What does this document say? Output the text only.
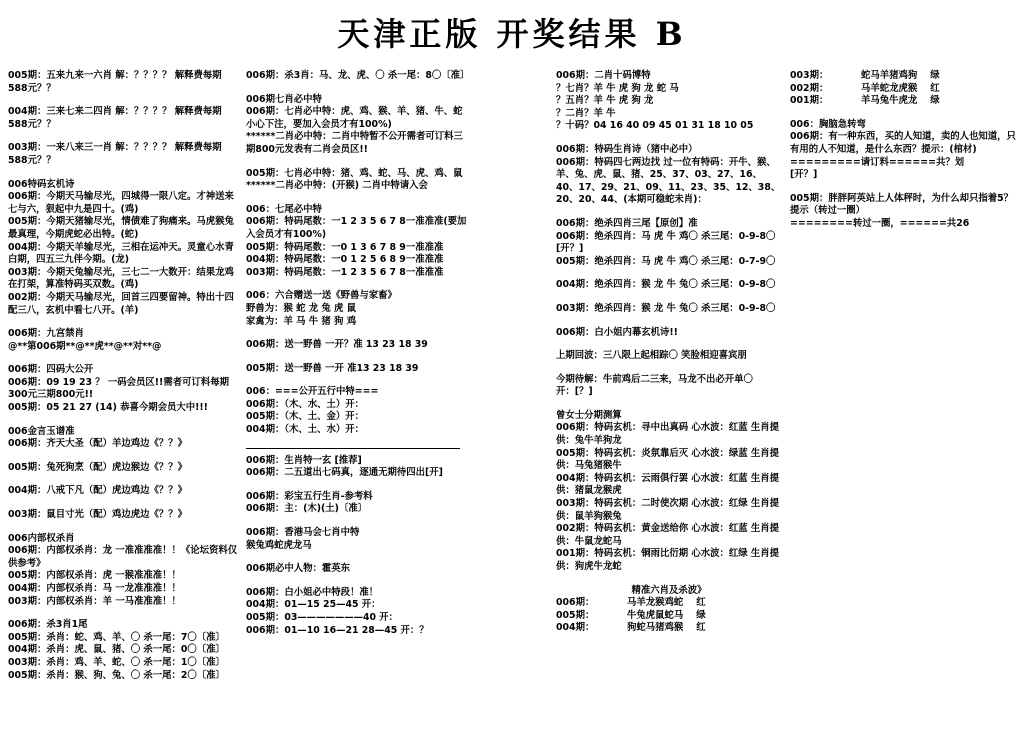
天津正版 开奖结果 B
005期：五来九来一六肖 解：？？？？ 解释费每期
588元？？
004期：三来七来二四肖 解：？？？？ 解释费每期
588元？？
003期：一来八来三一肖 解：？？？？ 解释费每期
588元？？
006特码玄机诗
006期：今期天马输尽光，四城得一限八定。才神送来七与六，狠起中九是四十。(鸡)
005期：今期天猪输尽光，情债难了狗痛来。马虎猴兔最真理，今期虎蛇必出特。(蛇)
004期：今期天羊输尽光，三相在运冲天。灵童心水青白期，四五三九伴今期。(龙)
003期：今期天兔输尽光，三七二一大数开：结果龙鸡在打架，算准特码买双数。(鸡)
002期：今期天马输尽光，回首三四要留神。特出十四配三八，玄机中看七八开。(羊)
006期：九宫禁肖
@**第006期**@**虎**@**对**@
006期：四码大公开
006期：09 19 23 ？ 一码会员区!!需者可订料每期300元三期800元!!
005期：05 21 27 (14) 恭喜今期会员大中!!!
006金言玉谱准
006期：齐天大圣（配）羊边鸡边《？？》
005期：兔死狗烹（配）虎边猴边《？？》
004期：八戒下凡（配）虎边鸡边《？？》
003期：鼠目寸光（配）鸡边虎边《？？》
006内部权杀肖
006期：内部权杀肖：龙 一准准准准！！《论坛资料仅供参考》
005期：内部权杀肖：虎 一猴准准准！！
004期：内部权杀肖：马 一龙准准准！！
003期：内部权杀肖：羊 一马准准准！！
006期：杀3肖1尾
005期：杀肖：蛇、鸡、羊、〇 杀一尾：7〇〔准〕
004期：杀肖：虎、鼠、猪、〇 杀一尾：0〇〔准〕
003期：杀肖：鸡、羊、蛇、〇 杀一尾：1〇〔准〕
005期：杀肖：猴、狗、兔、〇 杀一尾：2〇〔准〕
006期：杀3肖：马、龙、虎、〇 杀一尾：8〇〔准〕
006期七肖必中特
006期：七肖必中特：虎、鸡、猴、羊、猪、牛、蛇小心下注，要加入会员才有100%)
******二肖必中特：二肖中特暂不公开需者可订料三期800元发表有二肖会员区!!
005期：七肖必中特：猪、鸡、蛇、马、虎、鸡、鼠******二肖必中特：(开猴) 二肖中特请入会
006：七尾必中特
006期：特码尾数：一1 2 3 5 6 7 8一准准准(要加入会员才有100%)
005期：特码尾数：一0 1 3 6 7 8 9一准准准
004期：特码尾数：一0 1 2 5 6 8 9一准准准
003期：特码尾数：一1 2 3 5 6 7 8一准准准
006：六合赠送一送《野兽与家畜》
野兽为：猴 蛇 龙 兔 虎 鼠
家禽为：羊 马 牛 猪 狗 鸡
006期：送一野兽 一开？准 13 23 18 39
005期：送一野兽 一开 准13 23 18 39
006：===公开五行中特===
006期：（木、水、土）开：
005期：（木、土、金）开：
004期：（木、土、水）开：
006期：生肖特一玄 [推荐]
006期：二五道出七码真，逐通无期待四出[开]
006期：彩宝五行生肖-参考料
006期：主：(木)(土)〔准〕
006期：香港马会七肖中特
猴兔鸡蛇虎龙马
006期必中人物：霍英东
006期：白小姐必中特段！准！
004期：01—15 25—45 开：
005期：03———————40 开：
006期：01—10 16—21 28—45 开：？
006期：二肖十码博特
？七肖？羊 牛 虎 狗 龙 蛇 马
？五肖？羊 牛 虎 狗 龙
？二肖？羊 牛
？十码？04 16 40 09 45 01 31 18 10 05
006期：特码生肖诗（猪中必中）
006期：特码四七两边找 过一位有特码：开牛、猴、羊、兔、虎、鼠、猪、25、37、03、27、16、40、17、29、21、09、11、23、35、12、38、20、20、44、(本期可稳蛇未肖)：
006期：绝杀四肖三尾【原创】准
006期：绝杀四肖：马 虎 牛 鸡〇 杀三尾：0-9-8〇
[开？]
005期：绝杀四肖：马 虎 牛 鸡〇 杀三尾：0-7-9〇
004期：绝杀四肖：猴 龙 牛 兔〇 杀三尾：0-9-8〇
003期：绝杀四肖：猴 龙 牛 兔〇 杀三尾：0-9-8〇
006期：白小姐内幕玄机诗!!
上期回波：三八限上起相踪〇 笑脸相迎喜宾朋
今期待解：牛前鸡后二三来，马龙不出必开单〇
开：[？]
曾女士分期测算
006期：特码玄机：寻中出真码 心水波：红蓝 生肖提供：兔牛羊狗龙
005期：特码玄机：炎氛靠后灭 心水波：绿蓝 生肖提供：马兔猪猴牛
004期：特码玄机：云雨俱行罢 心水波：红蓝 生肖提供：猪鼠龙猴虎
003期：特码玄机：二时使次期 心水波：红绿 生肖提供：鼠羊狗猴兔
002期：特码玄机：黄金送给你 心水波：红蓝 生肖提供：牛鼠龙蛇马
001期：特码玄机：铜雨比衍期 心水波：红绿 生肖提供：狗虎牛龙蛇
精准六肖及杀波》
006期：          马羊龙猴鸡蛇    红
005期：          牛兔虎鼠蛇马    绿
004期：          狗蛇马猪鸡猴    红
003期：          蛇马羊猪鸡狗    绿
002期：          马羊蛇龙虎猴    红
001期：          羊马兔牛虎龙    绿
006：胸脑急转弯
006期：有一种东西，买的人知道，卖的人也知道，只有用的人不知道，是什么东西？提示：(棺材)
=========请订料======共？划
[开？]
005期：胖胖阿英站上人体秤时，为什么却只指着5？提示（转过一圈）
========转过一圈，======共26
